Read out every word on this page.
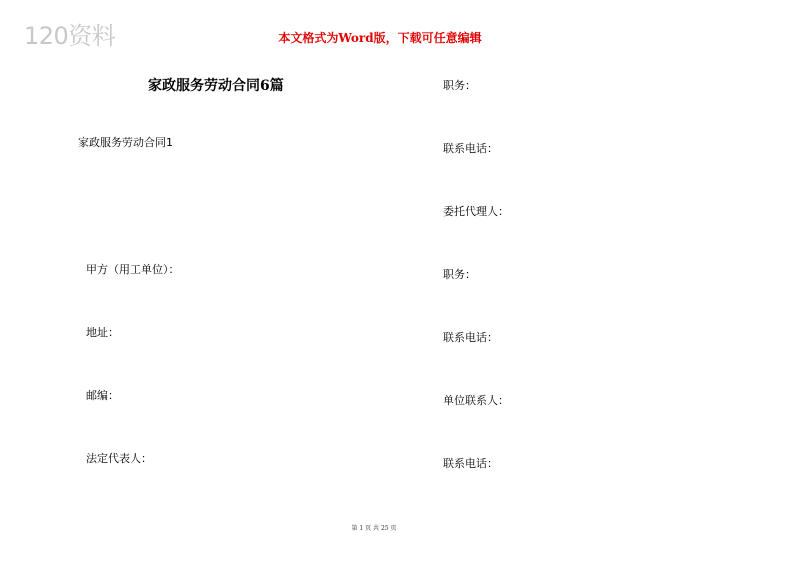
120资料	本文格式为Word版，下载可任意编辑
家政服务劳动合同6篇
家政服务劳动合同1
甲方（用工单位）：
地址：
邮编：
法定代表人：
职务：
联系电话：
委托代理人：
职务：
联系电话：
单位联系人：
联系电话：
第 1 页 共 25 页
